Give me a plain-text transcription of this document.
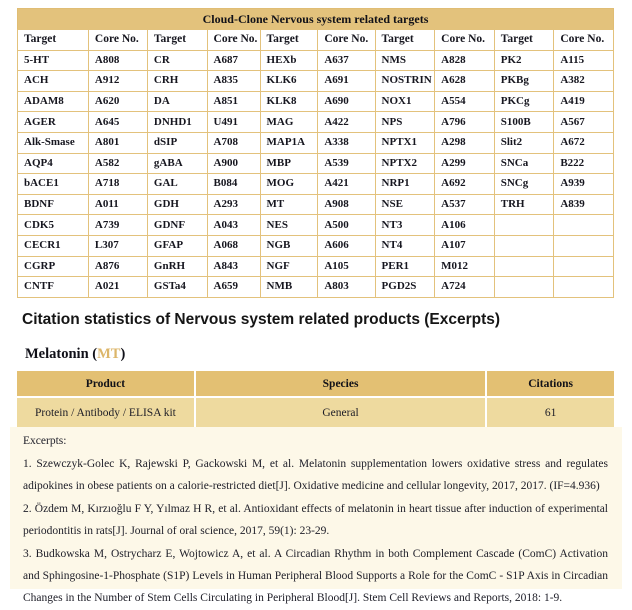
Cloud-Clone Nervous system related targets
Target	Core No.	Target	Core No.	Target	Core No.	Target	Core No.	Target	Core No.
5-HT	A808	CR	A687	HEXb	A637	NMS	A828	PK2	A115
ACH	A912	CRH	A835	KLK6	A691	NOSTRIN	A628	PKBg	A382
ADAM8	A620	DA	A851	KLK8	A690	NOX1	A554	PKCg	A419
AGER	A645	DNHD1	U491	MAG	A422	NPS	A796	S100B	A567
Alk-Smase	A801	dSIP	A708	MAP1A	A338	NPTX1	A298	Slit2	A672
AQP4	A582	gABA	A900	MBP	A539	NPTX2	A299	SNCa	B222
bACE1	A718	GAL	B084	MOG	A421	NRP1	A692	SNCg	A939
BDNF	A011	GDH	A293	MT	A908	NSE	A537	TRH	A839
CDK5	A739	GDNF	A043	NES	A500	NT3	A106		
CECR1	L307	GFAP	A068	NGB	A606	NT4	A107		
CGRP	A876	GnRH	A843	NGF	A105	PER1	M012		
CNTF	A021	GSTa4	A659	NMB	A803	PGD2S	A724		
Citation statistics of Nervous system related products (Excerpts)
Melatonin (MT)
Product	Species	Citations
Protein / Antibody / ELISA kit	General	61

Excerpts:

1. Szewczyk-Golec K, Rajewski P, Gackowski M, et al. Melatonin supplementation lowers oxidative stress and regulates adipokines in obese patients on a calorie-restricted diet[J]. Oxidative medicine and cellular longevity, 2017, 2017. (IF=4.936)

2. Özdem M, Kırzıoğlu F Y, Yılmaz H R, et al. Antioxidant effects of melatonin in heart tissue after induction of experimental periodontitis in rats[J]. Journal of oral science, 2017, 59(1): 23-29.

3. Budkowska M, Ostrycharz E, Wojtowicz A, et al. A Circadian Rhythm in both Complement Cascade (ComC) Activation and Sphingosine-1-Phosphate (S1P) Levels in Human Peripheral Blood Supports a Role for the ComC - S1P Axis in Circadian Changes in the Number of Stem Cells Circulating in Peripheral Blood[J]. Stem Cell Reviews and Reports, 2018: 1-9.
